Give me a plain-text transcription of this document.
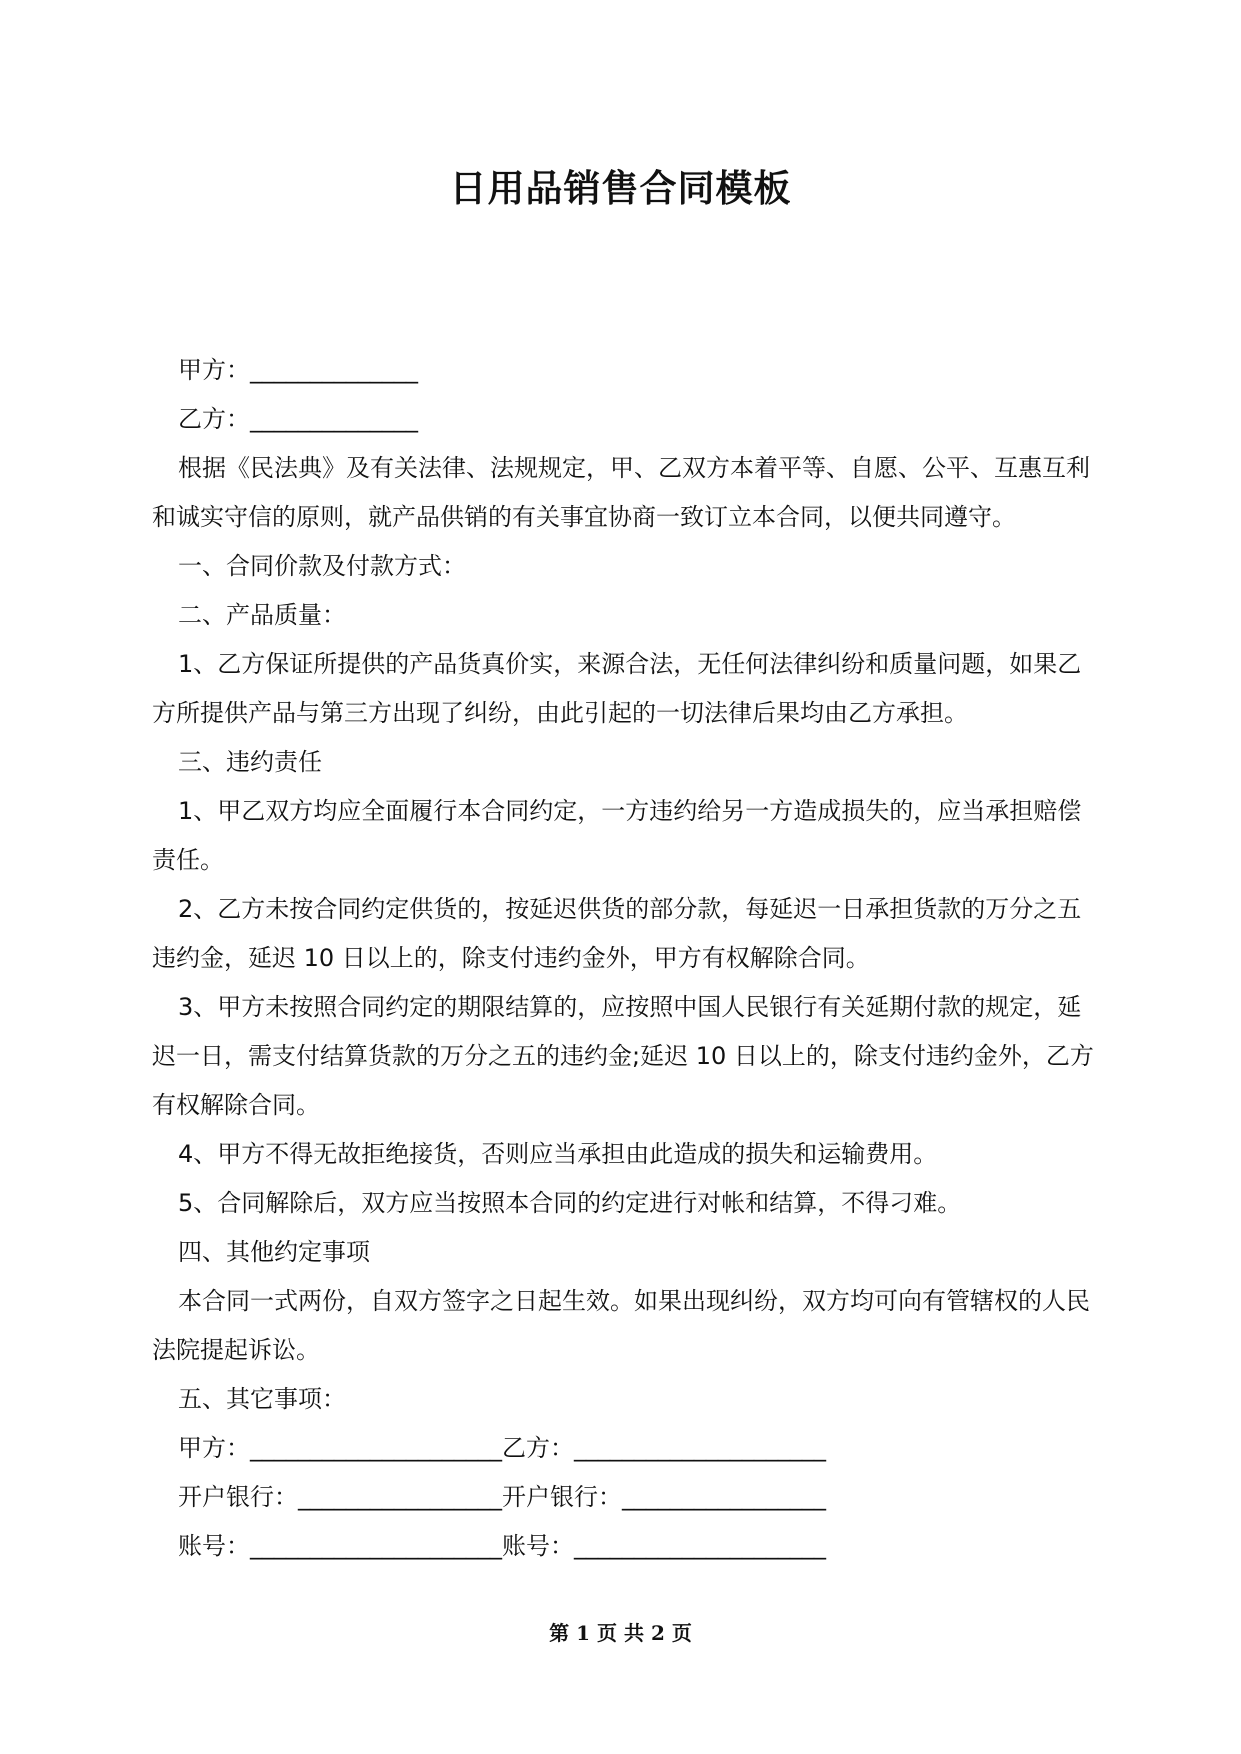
日用品销售合同模板

甲方：______________

乙方：______________

根据《民法典》及有关法律、法规规定，甲、乙双方本着平等、自愿、公平、互惠互利和诚实守信的原则，就产品供销的有关事宜协商一致订立本合同，以便共同遵守。

一、合同价款及付款方式：

二、产品质量：

1、乙方保证所提供的产品货真价实，来源合法，无任何法律纠纷和质量问题，如果乙方所提供产品与第三方出现了纠纷，由此引起的一切法律后果均由乙方承担。

三、违约责任

1、甲乙双方均应全面履行本合同约定，一方违约给另一方造成损失的，应当承担赔偿责任。

2、乙方未按合同约定供货的，按延迟供货的部分款，每延迟一日承担货款的万分之五违约金，延迟 10 日以上的，除支付违约金外，甲方有权解除合同。

3、甲方未按照合同约定的期限结算的，应按照中国人民银行有关延期付款的规定，延迟一日，需支付结算货款的万分之五的违约金;延迟 10 日以上的，除支付违约金外，乙方有权解除合同。

4、甲方不得无故拒绝接货，否则应当承担由此造成的损失和运输费用。

5、合同解除后，双方应当按照本合同的约定进行对帐和结算，不得刁难。

四、其他约定事项

本合同一式两份，自双方签字之日起生效。如果出现纠纷，双方均可向有管辖权的人民法院提起诉讼。

五、其它事项：

甲方：_____________________乙方：_____________________

开户银行：_________________开户银行：_________________

账号：_____________________账号：_____________________

第 1 页 共 2 页
